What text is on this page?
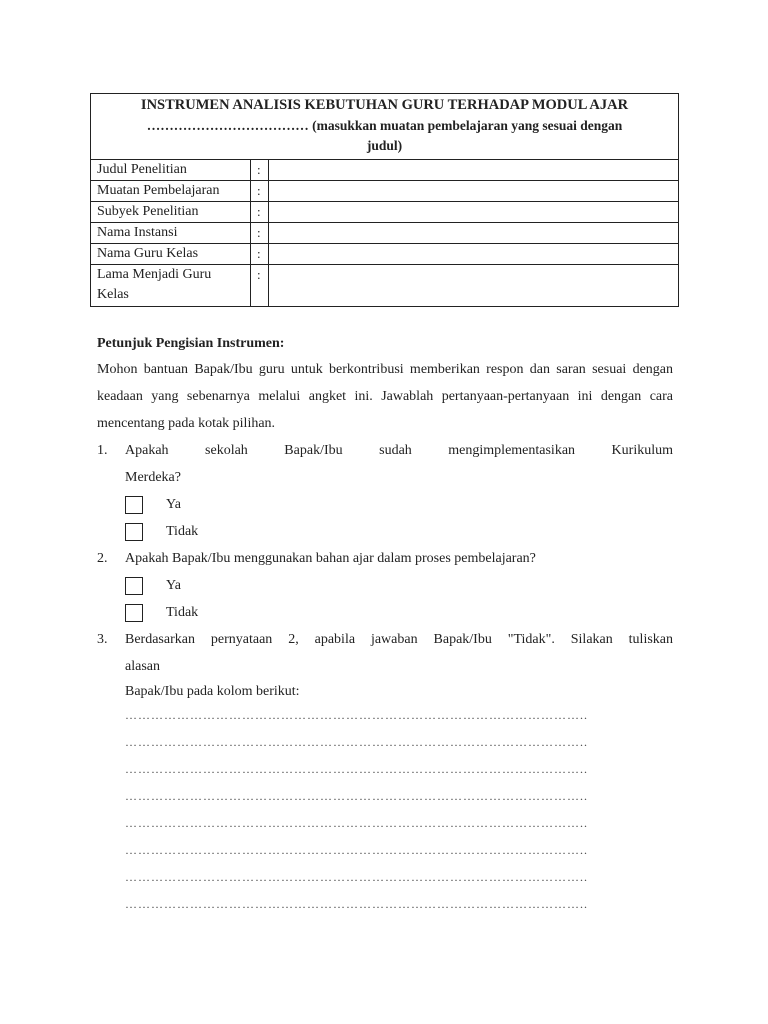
INSTRUMEN ANALISIS KEBUTUHAN GURU TERHADAP MODUL AJAR
……………………………… (masukkan muatan pembelajaran yang sesuai dengan
judul)		

Judul Penelitian	:	
Muatan Pembelajaran	:	
Subyek Penelitian	:	
Nama Instansi	:	
Nama Guru Kelas	:	
Lama Menjadi Guru Kelas	:	

Petunjuk Pengisian Instrumen:

Mohon bantuan Bapak/Ibu guru untuk berkontribusi memberikan respon dan saran sesuai dengan keadaan yang sebenarnya melalui angket ini. Jawablah pertanyaan-pertanyaan ini dengan cara mencentang pada kotak pilihan.

1.	Apakah sekolah Bapak/Ibu sudah mengimplementasikan Kurikulum
Merdeka?
Ya
Tidak
2.	Apakah Bapak/Ibu menggunakan bahan ajar dalam proses pembelajaran?
Ya
Tidak
3.	Berdasarkan pernyataan 2, apabila jawaban Bapak/Ibu "Tidak". Silakan tuliskan
alasan
Bapak/Ibu pada kolom berikut:
……………………………………………………………………………………………..
……………………………………………………………………………………………..
……………………………………………………………………………………………..
……………………………………………………………………………………………..
……………………………………………………………………………………………..
……………………………………………………………………………………………..
……………………………………………………………………………………………..
……………………………………………………………………………………………..
